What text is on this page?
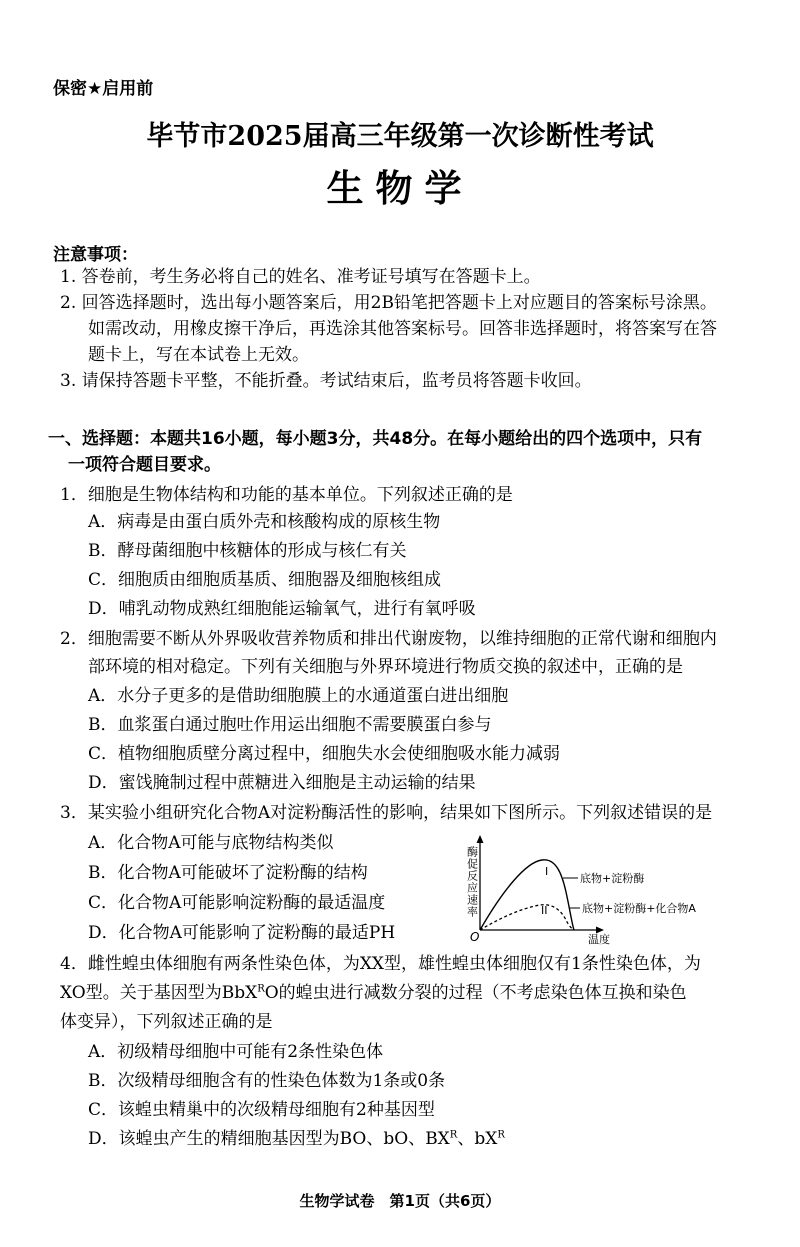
保密★启用前
毕节市2025届高三年级第一次诊断性考试
生物学
注意事项：
1. 答卷前，考生务必将自己的姓名、准考证号填写在答题卡上。
2. 回答选择题时，选出每小题答案后，用2B铅笔把答题卡上对应题目的答案标号涂黑。
如需改动，用橡皮擦干净后，再选涂其他答案标号。回答非选择题时，将答案写在答
题卡上，写在本试卷上无效。
3. 请保持答题卡平整，不能折叠。考试结束后，监考员将答题卡收回。
一、选择题：本题共16小题，每小题3分，共48分。在每小题给出的四个选项中，只有
一项符合题目要求。
1．细胞是生物体结构和功能的基本单位。下列叙述正确的是
A．病毒是由蛋白质外壳和核酸构成的原核生物
B．酵母菌细胞中核糖体的形成与核仁有关
C．细胞质由细胞质基质、细胞器及细胞核组成
D．哺乳动物成熟红细胞能运输氧气，进行有氧呼吸
2．细胞需要不断从外界吸收营养物质和排出代谢废物，以维持细胞的正常代谢和细胞内
部环境的相对稳定。下列有关细胞与外界环境进行物质交换的叙述中，正确的是
A．水分子更多的是借助细胞膜上的水通道蛋白进出细胞
B．血浆蛋白通过胞吐作用运出细胞不需要膜蛋白参与
C．植物细胞质壁分离过程中，细胞失水会使细胞吸水能力减弱
D．蜜饯腌制过程中蔗糖进入细胞是主动运输的结果
3．某实验小组研究化合物A对淀粉酶活性的影响，结果如下图所示。下列叙述错误的是
A．化合物A可能与底物结构类似
B．化合物A可能破坏了淀粉酶的结构
C．化合物A可能影响淀粉酶的最适温度
D．化合物A可能影响了淀粉酶的最适PH
酶促反应速率
O	温度
I
II
底物+淀粉酶
底物+淀粉酶+化合物A
4．雌性蝗虫体细胞有两条性染色体，为XX型，雄性蝗虫体细胞仅有1条性染色体，为
XO型。关于基因型为BbX$^R$O的蝗虫进行减数分裂的过程（不考虑染色体互换和染色
体变异），下列叙述正确的是
A．初级精母细胞中可能有2条性染色体
B．次级精母细胞含有的性染色体数为1条或0条
C．该蝗虫精巢中的次级精母细胞有2种基因型
D．该蝗虫产生的精细胞基因型为BO、bO、$BX^R$、$bX^R$
生物学试卷　第1页（共6页）
